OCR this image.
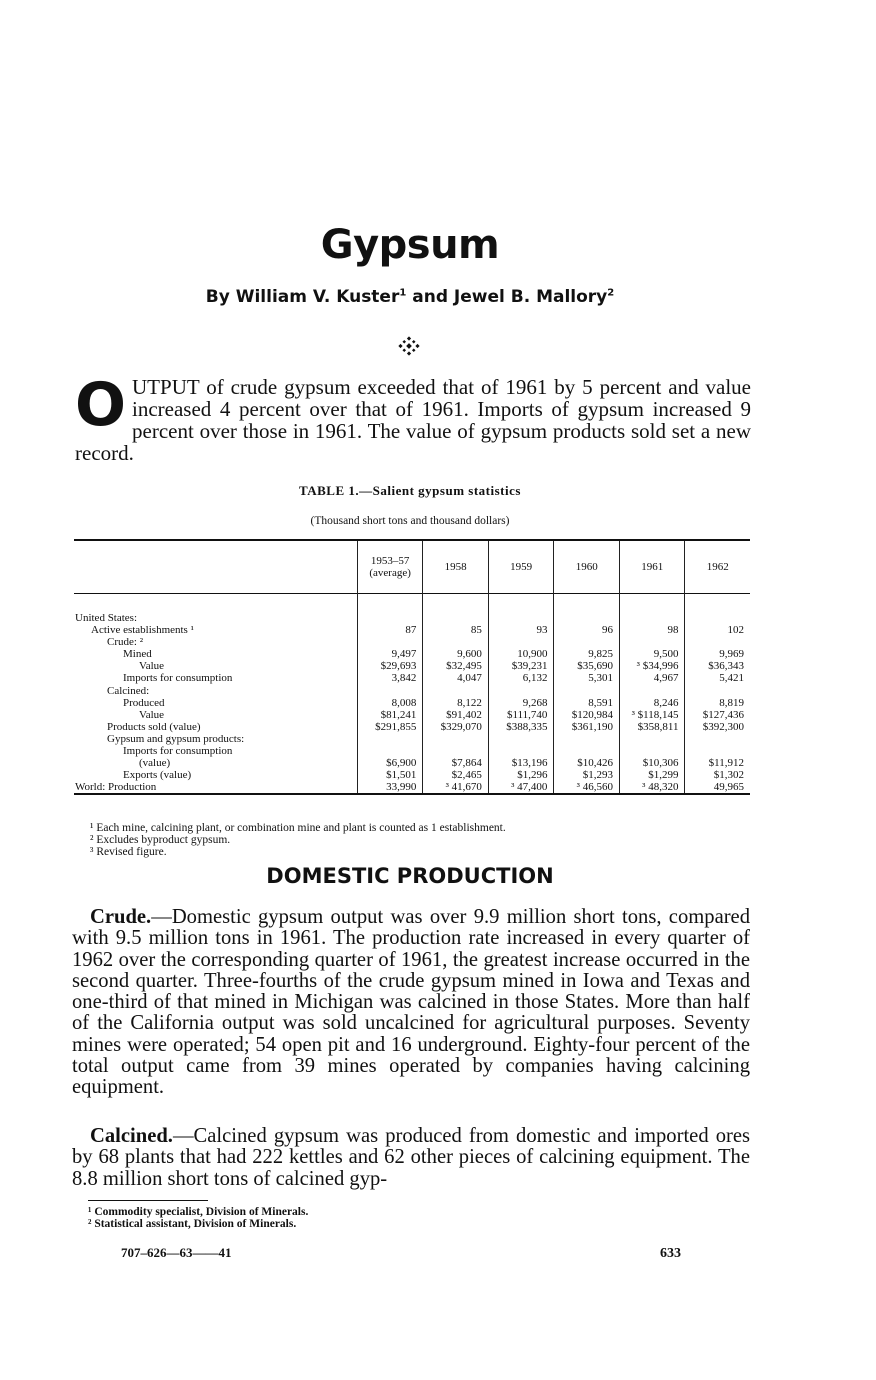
Gypsum
By William V. Kuster$^1$ and Jewel B. Mallory$^2$
OUTPUT of crude gypsum exceeded that of 1961 by 5 percent and value increased 4 percent over that of 1961. Imports of gypsum increased 9 percent over those in 1961. The value of gypsum products sold set a new record.
TABLE 1.—Salient gypsum statistics
(Thousand short tons and thousand dollars)
	1953–57 (average)	1958	1959	1960	1961	1962
United States:						
Active establishments ¹	87	85	93	96	98	102
Crude: ²						
Mined	9,497	9,600	10,900	9,825	9,500	9,969
Value	$29,693	$32,495	$39,231	$35,690	³ $34,996	$36,343
Imports for consumption	3,842	4,047	6,132	5,301	4,967	5,421
Calcined:						
Produced	8,008	8,122	9,268	8,591	8,246	8,819
Value	$81,241	$91,402	$111,740	$120,984	³ $118,145	$127,436
Products sold (value)	$291,855	$329,070	$388,335	$361,190	$358,811	$392,300
Gypsum and gypsum products:						
Imports for consumption						
(value)	$6,900	$7,864	$13,196	$10,426	$10,306	$11,912
Exports (value)	$1,501	$2,465	$1,296	$1,293	$1,299	$1,302
World: Production	33,990	³ 41,670	³ 47,400	³ 46,560	³ 48,320	49,965
¹ Each mine, calcining plant, or combination mine and plant is counted as 1 establishment.
² Excludes byproduct gypsum.
³ Revised figure.
DOMESTIC PRODUCTION
Crude.—Domestic gypsum output was over 9.9 million short tons, compared with 9.5 million tons in 1961. The production rate increased in every quarter of 1962 over the corresponding quarter of 1961, the greatest increase occurred in the second quarter. Three-fourths of the crude gypsum mined in Iowa and Texas and one-third of that mined in Michigan was calcined in those States. More than half of the California output was sold uncalcined for agricultural purposes. Seventy mines were operated; 54 open pit and 16 underground. Eighty-four percent of the total output came from 39 mines operated by companies having calcining equipment.
Calcined.—Calcined gypsum was produced from domestic and imported ores by 68 plants that had 222 kettles and 62 other pieces of calcining equipment. The 8.8 million short tons of calcined gyp-
¹ Commodity specialist, Division of Minerals.
² Statistical assistant, Division of Minerals.
707–626—63——41	633
